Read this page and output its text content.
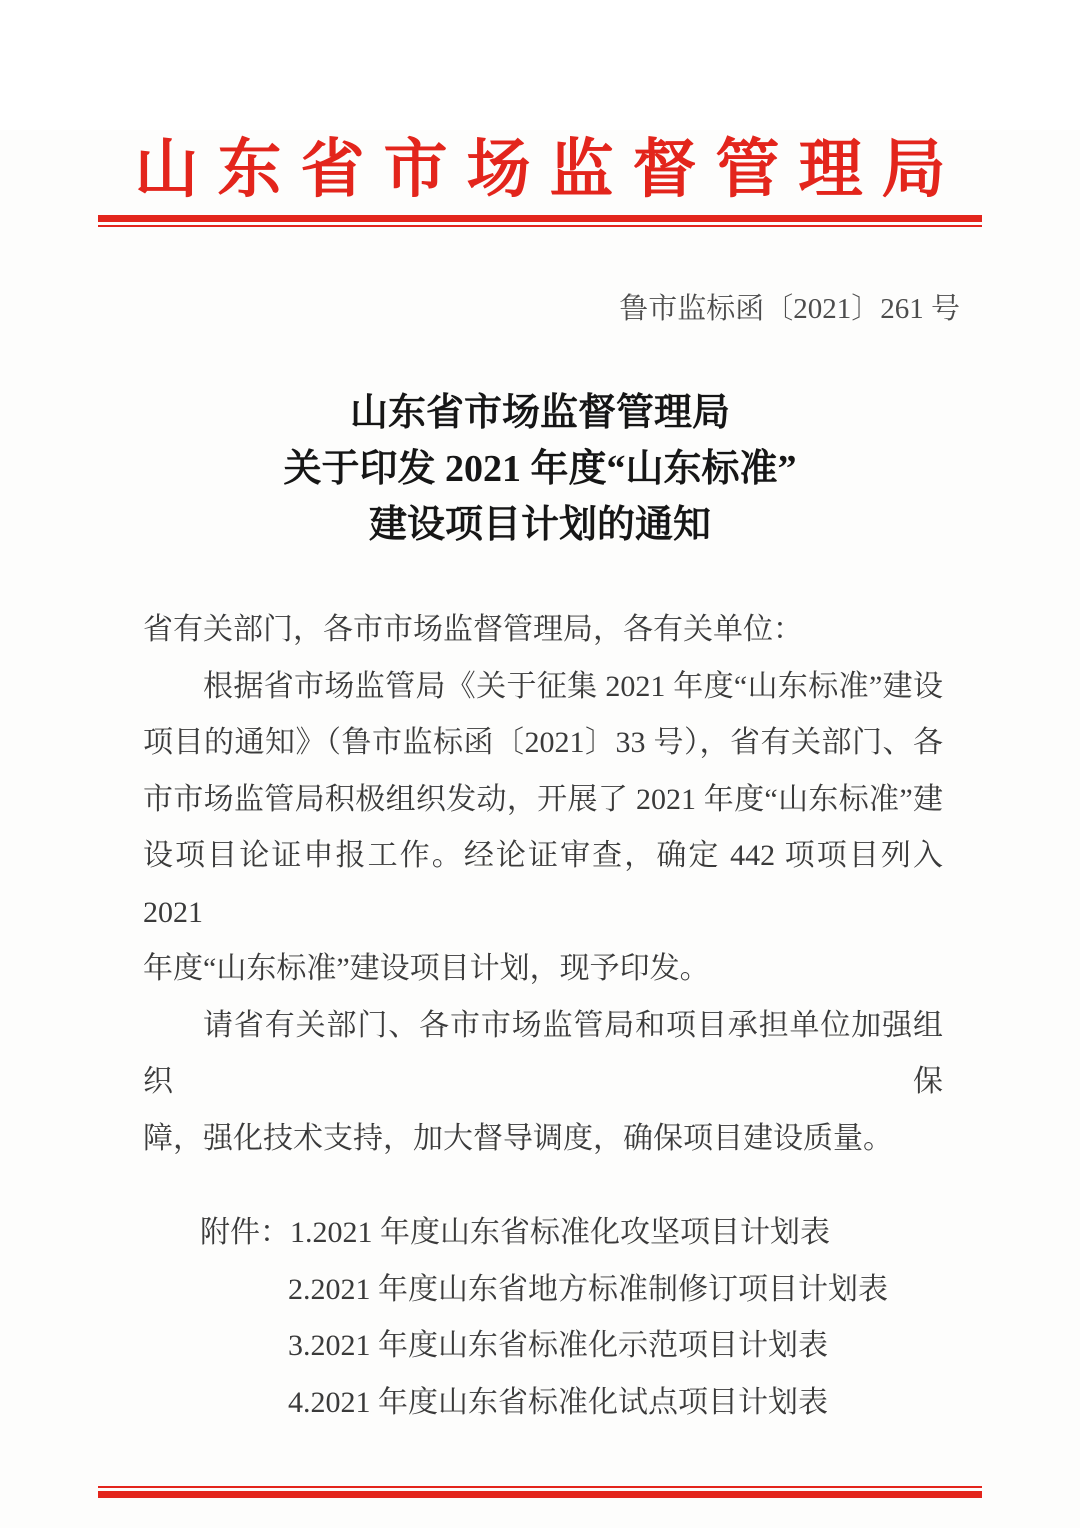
山东省市场监督管理局
鲁市监标函〔2021〕261 号
山东省市场监督管理局
关于印发 2021 年度“山东标准”
建设项目计划的通知
省有关部门，各市市场监督管理局，各有关单位：
根据省市场监管局《关于征集 2021 年度“山东标准”建设
项目的通知》（鲁市监标函〔2021〕33 号），省有关部门、各
市市场监管局积极组织发动，开展了 2021 年度“山东标准”建
设项目论证申报工作。经论证审查，确定 442 项项目列入 2021
年度“山东标准”建设项目计划，现予印发。
请省有关部门、各市市场监管局和项目承担单位加强组织保
障，强化技术支持，加大督导调度，确保项目建设质量。
附件：1.2021 年度山东省标准化攻坚项目计划表
2.2021 年度山东省地方标准制修订项目计划表
3.2021 年度山东省标准化示范项目计划表
4.2021 年度山东省标准化试点项目计划表
